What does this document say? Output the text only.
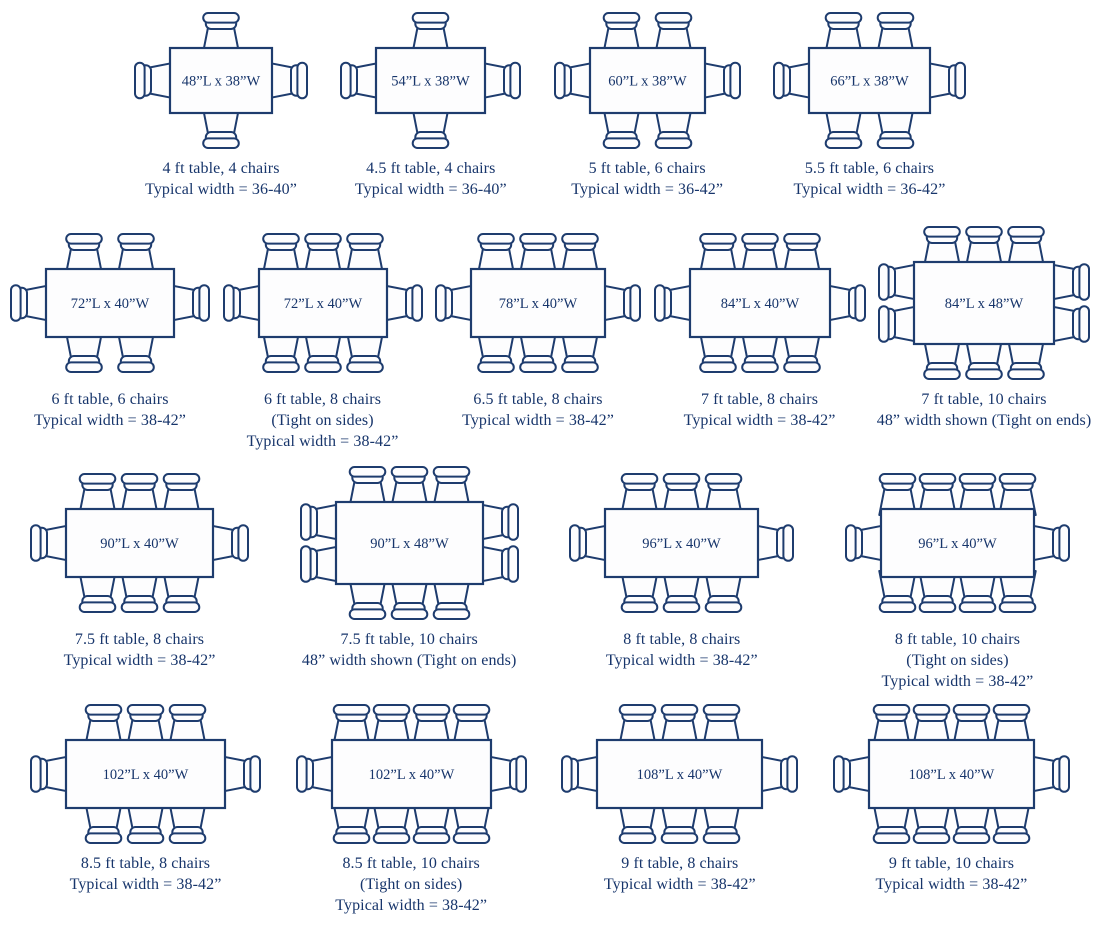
48”L x 38”W
4 ft table, 4 chairs
Typical width = 36-40”
54”L x 38”W
4.5 ft table, 4 chairs
Typical width = 36-40”
60”L x 38”W
5 ft table, 6 chairs
Typical width = 36-42”
66”L x 38”W
5.5 ft table, 6 chairs
Typical width = 36-42”
72”L x 40”W
6 ft table, 6 chairs
Typical width = 38-42”
72”L x 40”W
6 ft table, 8 chairs
(Tight on sides)
Typical width = 38-42”
78”L x 40”W
6.5 ft table, 8 chairs
Typical width = 38-42”
84”L x 40”W
7 ft table, 8 chairs
Typical width = 38-42”
84”L x 48”W
7 ft table, 10 chairs
48” width shown (Tight on ends)
90”L x 40”W
7.5 ft table, 8 chairs
Typical width = 38-42”
90”L x 48”W
7.5 ft table, 10 chairs
48” width shown (Tight on ends)
96”L x 40”W
8 ft table, 8 chairs
Typical width = 38-42”
96”L x 40”W
8 ft table, 10 chairs
(Tight on sides)
Typical width = 38-42”
102”L x 40”W
8.5 ft table, 8 chairs
Typical width = 38-42”
102”L x 40”W
8.5 ft table, 10 chairs
(Tight on sides)
Typical width = 38-42”
108”L x 40”W
9 ft table, 8 chairs
Typical width = 38-42”
108”L x 40”W
9 ft table, 10 chairs
Typical width = 38-42”
